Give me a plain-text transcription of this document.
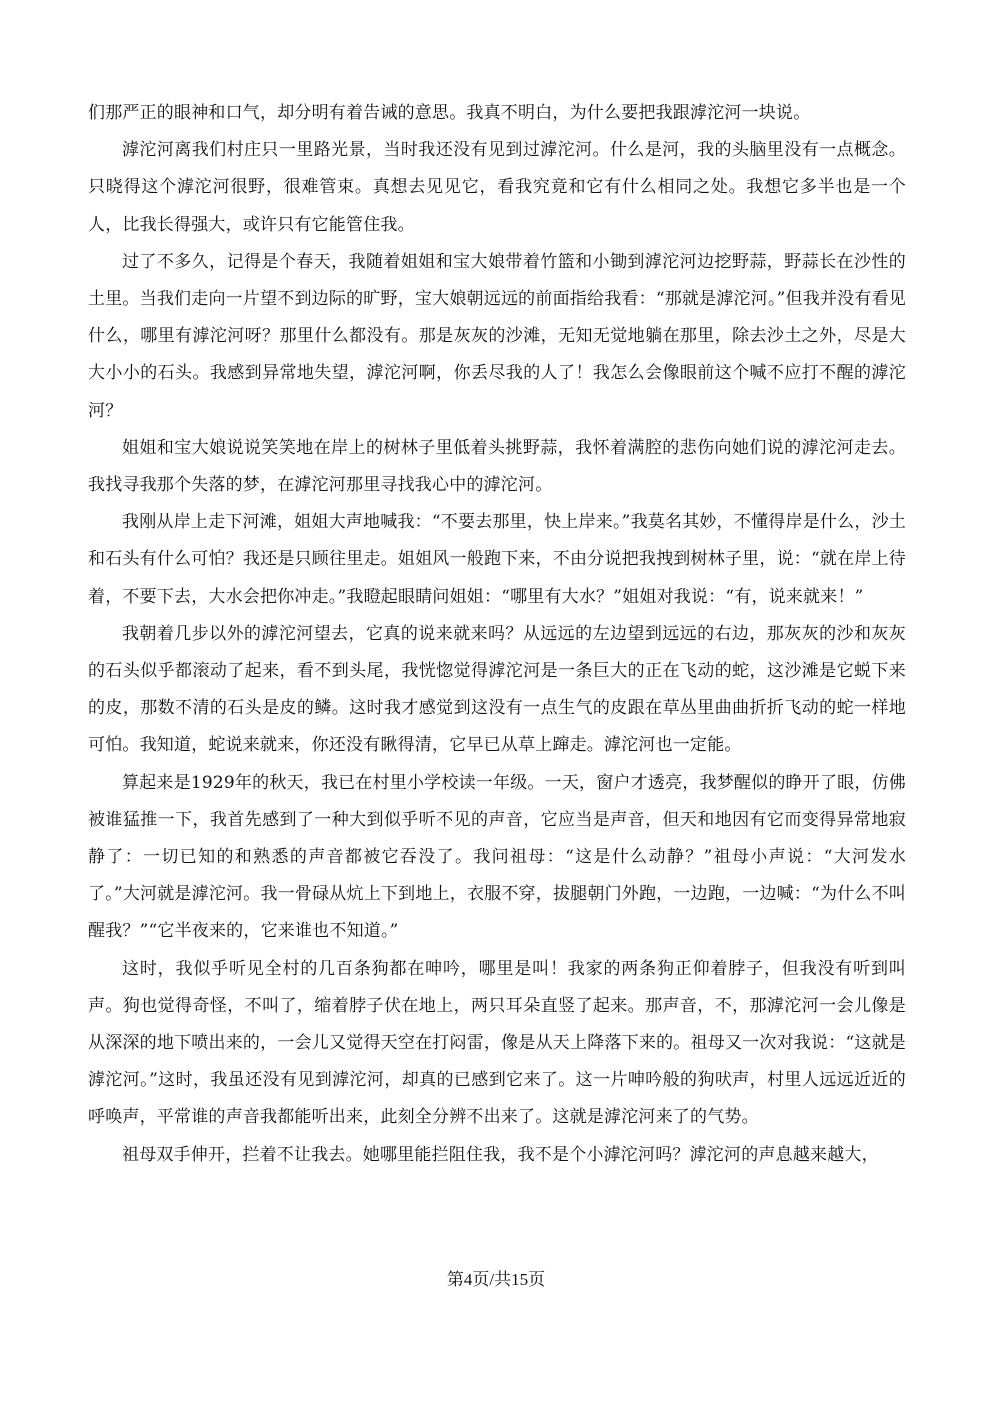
们那严正的眼神和口气，却分明有着告诫的意思。我真不明白，为什么要把我跟滹沱河一块说。

滹沱河离我们村庄只一里路光景，当时我还没有见到过滹沱河。什么是河，我的头脑里没有一点概念。只晓得这个滹沱河很野，很难管束。真想去见见它，看我究竟和它有什么相同之处。我想它多半也是一个人，比我长得强大，或许只有它能管住我。

过了不多久，记得是个春天，我随着姐姐和宝大娘带着竹篮和小锄到滹沱河边挖野蒜，野蒜长在沙性的土里。当我们走向一片望不到边际的旷野，宝大娘朝远远的前面指给我看：“那就是滹沱河。”但我并没有看见什么，哪里有滹沱河呀？那里什么都没有。那是灰灰的沙滩，无知无觉地躺在那里，除去沙土之外，尽是大大小小的石头。我感到异常地失望，滹沱河啊，你丢尽我的人了！我怎么会像眼前这个喊不应打不醒的滹沱河？

姐姐和宝大娘说说笑笑地在岸上的树林子里低着头挑野蒜，我怀着满腔的悲伤向她们说的滹沱河走去。我找寻我那个失落的梦，在滹沱河那里寻找我心中的滹沱河。

我刚从岸上走下河滩，姐姐大声地喊我：“不要去那里，快上岸来。”我莫名其妙，不懂得岸是什么，沙土和石头有什么可怕？我还是只顾往里走。姐姐风一般跑下来，不由分说把我拽到树林子里，说：“就在岸上待着，不要下去，大水会把你冲走。”我瞪起眼睛问姐姐：“哪里有大水？”姐姐对我说：“有，说来就来！”

我朝着几步以外的滹沱河望去，它真的说来就来吗？从远远的左边望到远远的右边，那灰灰的沙和灰灰的石头似乎都滚动了起来，看不到头尾，我恍惚觉得滹沱河是一条巨大的正在飞动的蛇，这沙滩是它蜕下来的皮，那数不清的石头是皮的鳞。这时我才感觉到这没有一点生气的皮跟在草丛里曲曲折折飞动的蛇一样地可怕。我知道，蛇说来就来，你还没有瞅得清，它早已从草上蹿走。滹沱河也一定能。

算起来是1929年的秋天，我已在村里小学校读一年级。一天，窗户才透亮，我梦醒似的睁开了眼，仿佛被谁猛推一下，我首先感到了一种大到似乎听不见的声音，它应当是声音，但天和地因有它而变得异常地寂静了：一切已知的和熟悉的声音都被它吞没了。我问祖母：“这是什么动静？”祖母小声说：“大河发水了。”大河就是滹沱河。我一骨碌从炕上下到地上，衣服不穿，拔腿朝门外跑，一边跑，一边喊：“为什么不叫醒我？”“它半夜来的，它来谁也不知道。”

这时，我似乎听见全村的几百条狗都在呻吟，哪里是叫！我家的两条狗正仰着脖子，但我没有听到叫声。狗也觉得奇怪，不叫了，缩着脖子伏在地上，两只耳朵直竖了起来。那声音，不，那滹沱河一会儿像是从深深的地下喷出来的，一会儿又觉得天空在打闷雷，像是从天上降落下来的。祖母又一次对我说：“这就是滹沱河。”这时，我虽还没有见到滹沱河，却真的已感到它来了。这一片呻吟般的狗吠声，村里人远远近近的呼唤声，平常谁的声音我都能听出来，此刻全分辨不出来了。这就是滹沱河来了的气势。

祖母双手伸开，拦着不让我去。她哪里能拦阻住我，我不是个小滹沱河吗？滹沱河的声息越来越大，

第4页/共15页
